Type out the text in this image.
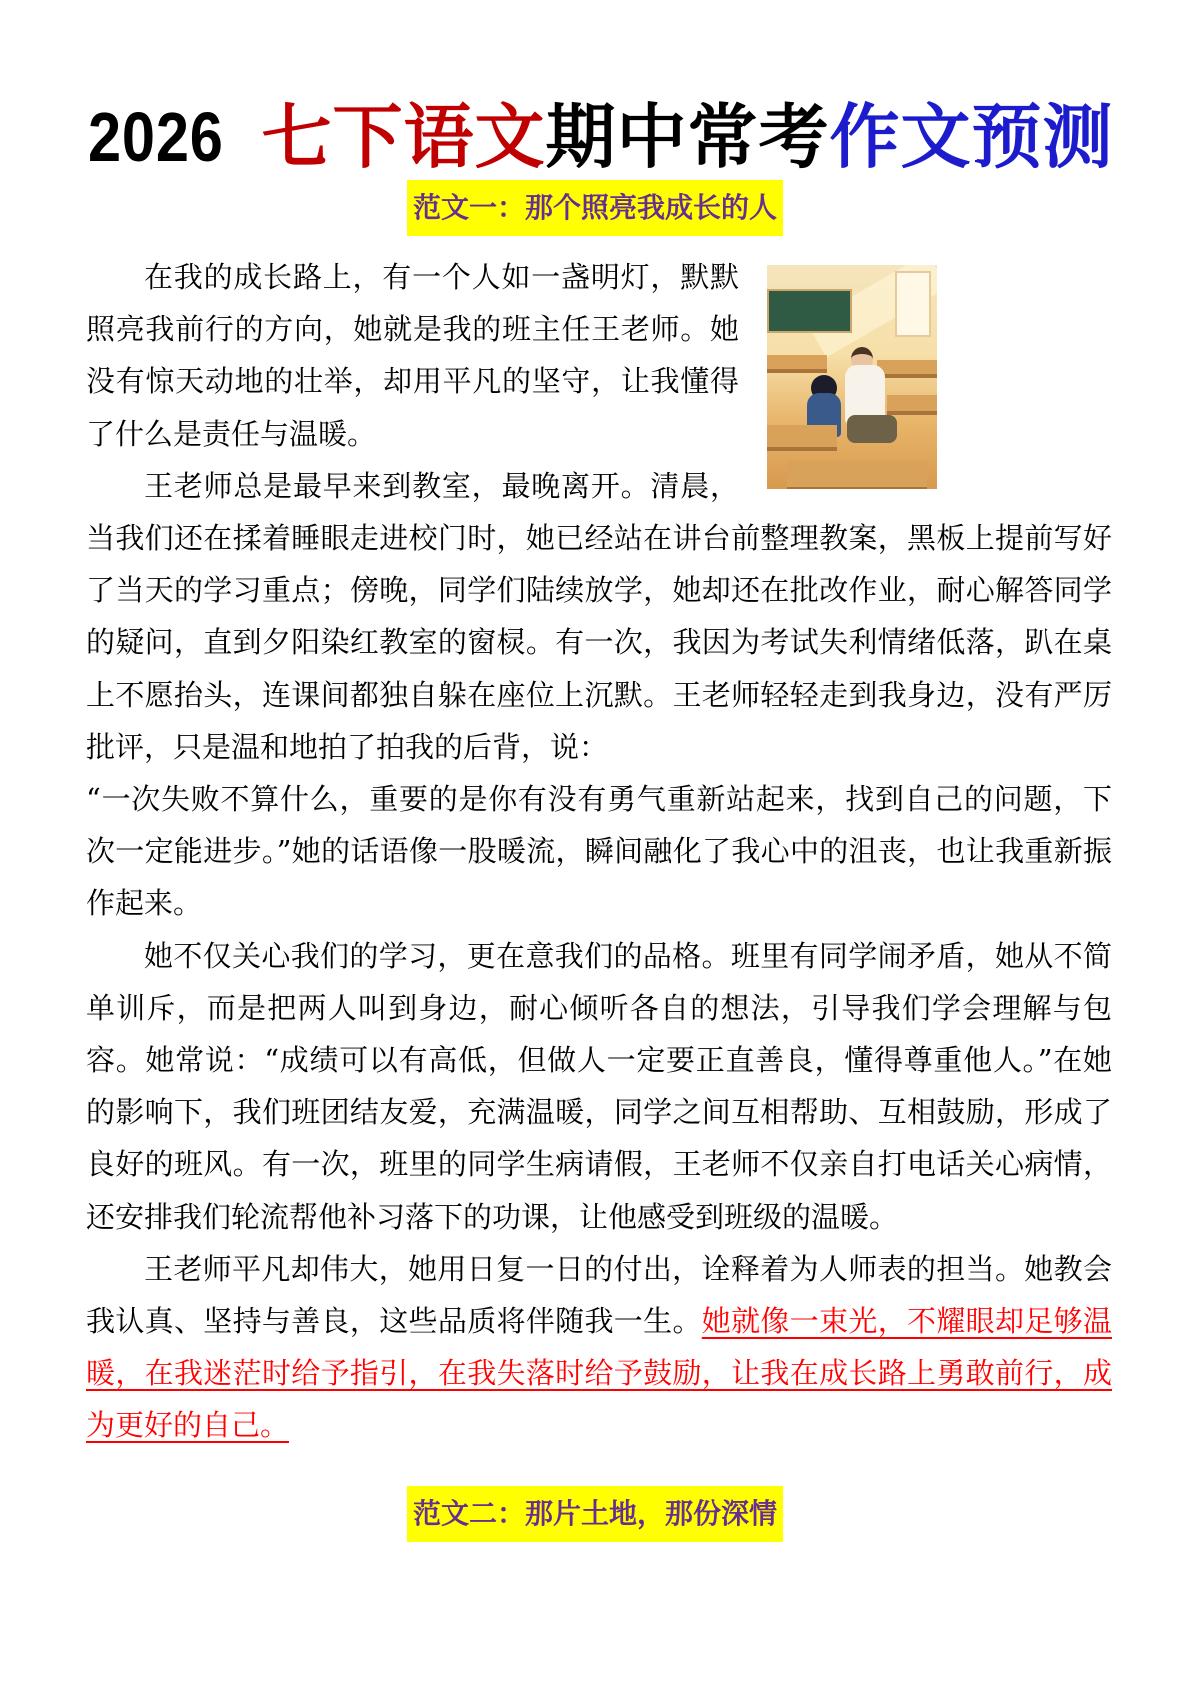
2026 七下语文期中常考作文预测
范文一：那个照亮我成长的人

在我的成长路上，有一个人如一盏明灯，默默照亮我前行的方向，她就是我的班主任王老师。她没有惊天动地的壮举，却用平凡的坚守，让我懂得了什么是责任与温暖。

王老师总是最早来到教室，最晚离开。清晨，当我们还在揉着睡眼走进校门时，她已经站在讲台前整理教案，黑板上提前写好了当天的学习重点；傍晚，同学们陆续放学，她却还在批改作业，耐心解答同学的疑问，直到夕阳染红教室的窗棂。有一次，我因为考试失利情绪低落，趴在桌上不愿抬头，连课间都独自躲在座位上沉默。王老师轻轻走到我身边，没有严厉批评，只是温和地拍了拍我的后背，说：

“一次失败不算什么，重要的是你有没有勇气重新站起来，找到自己的问题，下次一定能进步。”她的话语像一股暖流，瞬间融化了我心中的沮丧，也让我重新振作起来。

她不仅关心我们的学习，更在意我们的品格。班里有同学闹矛盾，她从不简单训斥，而是把两人叫到身边，耐心倾听各自的想法，引导我们学会理解与包容。她常说：“成绩可以有高低，但做人一定要正直善良，懂得尊重他人。”在她的影响下，我们班团结友爱，充满温暖，同学之间互相帮助、互相鼓励，形成了良好的班风。有一次，班里的同学生病请假，王老师不仅亲自打电话关心病情，还安排我们轮流帮他补习落下的功课，让他感受到班级的温暖。

王老师平凡却伟大，她用日复一日的付出，诠释着为人师表的担当。她教会我认真、坚持与善良，这些品质将伴随我一生。她就像一束光，不耀眼却足够温暖，在我迷茫时给予指引，在我失落时给予鼓励，让我在成长路上勇敢前行，成为更好的自己。

范文二：那片土地，那份深情
